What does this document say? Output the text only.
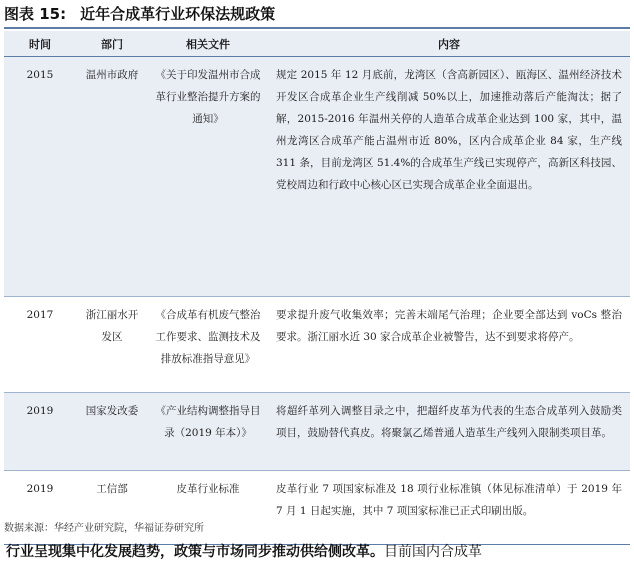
图表 15: 近年合成革行业环保法规政策
时间	部门	相关文件	内容
2015	温州市政府	《关于印发温州市合成革行业整治提升方案的通知》	规定 2015 年 12 月底前，龙湾区（含高新园区）、瓯海区、温州经济技术开发区合成革企业生产线削减 50%以上，加速推动落后产能淘汰；据了解，2015-2016 年温州关停的人造革合成革企业达到 100 家，其中，温州龙湾区合成革产能占温州市近 80%，区内合成革企业 84 家，生产线 311 条，目前龙湾区 51.4%的合成革生产线已实现停产，高新区科技园、党校周边和行政中心核心区已实现合成革企业全面退出。
2017	浙江丽水开发区	《合成革有机废气整治工作要求、监测技术及排放标准指导意见》	要求提升废气收集效率；完善末端尾气治理；企业要全部达到 voCs 整治要求。浙江丽水近 30 家合成革企业被警告，达不到要求将停产。
2019	国家发改委	《产业结构调整指导目录（2019 年本）》	将超纤革列入调整目录之中，把超纤皮革为代表的生态合成革列入鼓励类项目，鼓励替代真皮。将聚氯乙烯普通人造革生产线列入限制类项目革。
2019	工信部	皮革行业标准	皮革行业 7 项国家标准及 18 项行业标准镇（体见标准清单）于 2019 年 7 月 1 日起实施，其中 7 项国家标准已正式印刷出版。
数据来源：华经产业研究院，华福证券研究所
行业呈现集中化发展趋势，政策与市场同步推动供给侧改革。目前国内合成革
